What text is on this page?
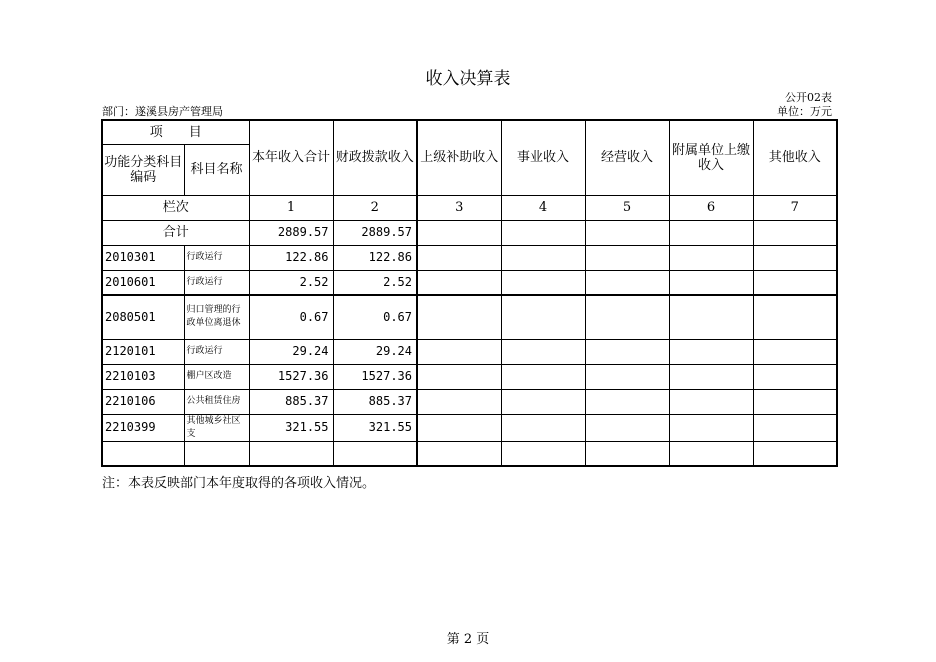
收入决算表
公开02表
部门：遂溪县房产管理局	单位：万元
项　　目		本年收入合计	财政拨款收入	上级补助收入	事业收入	经营收入	附属单位上缴收入	其他收入
功能分类科目编码	科目名称							
栏次		1	2	3	4	5	6	7
合计		2889.57	2889.57					
2010301	行政运行	122.86	122.86					
2010601	行政运行	2.52	2.52					
2080501	归口管理的行政单位离退休	0.67	0.67					
2120101	行政运行	29.24	29.24					
2210103	棚户区改造	1527.36	1527.36					
2210106	公共租赁住房	885.37	885.37					
2210399	其他城乡社区支	321.55	321.55					

注：本表反映部门本年度取得的各项收入情况。
第 2 页
